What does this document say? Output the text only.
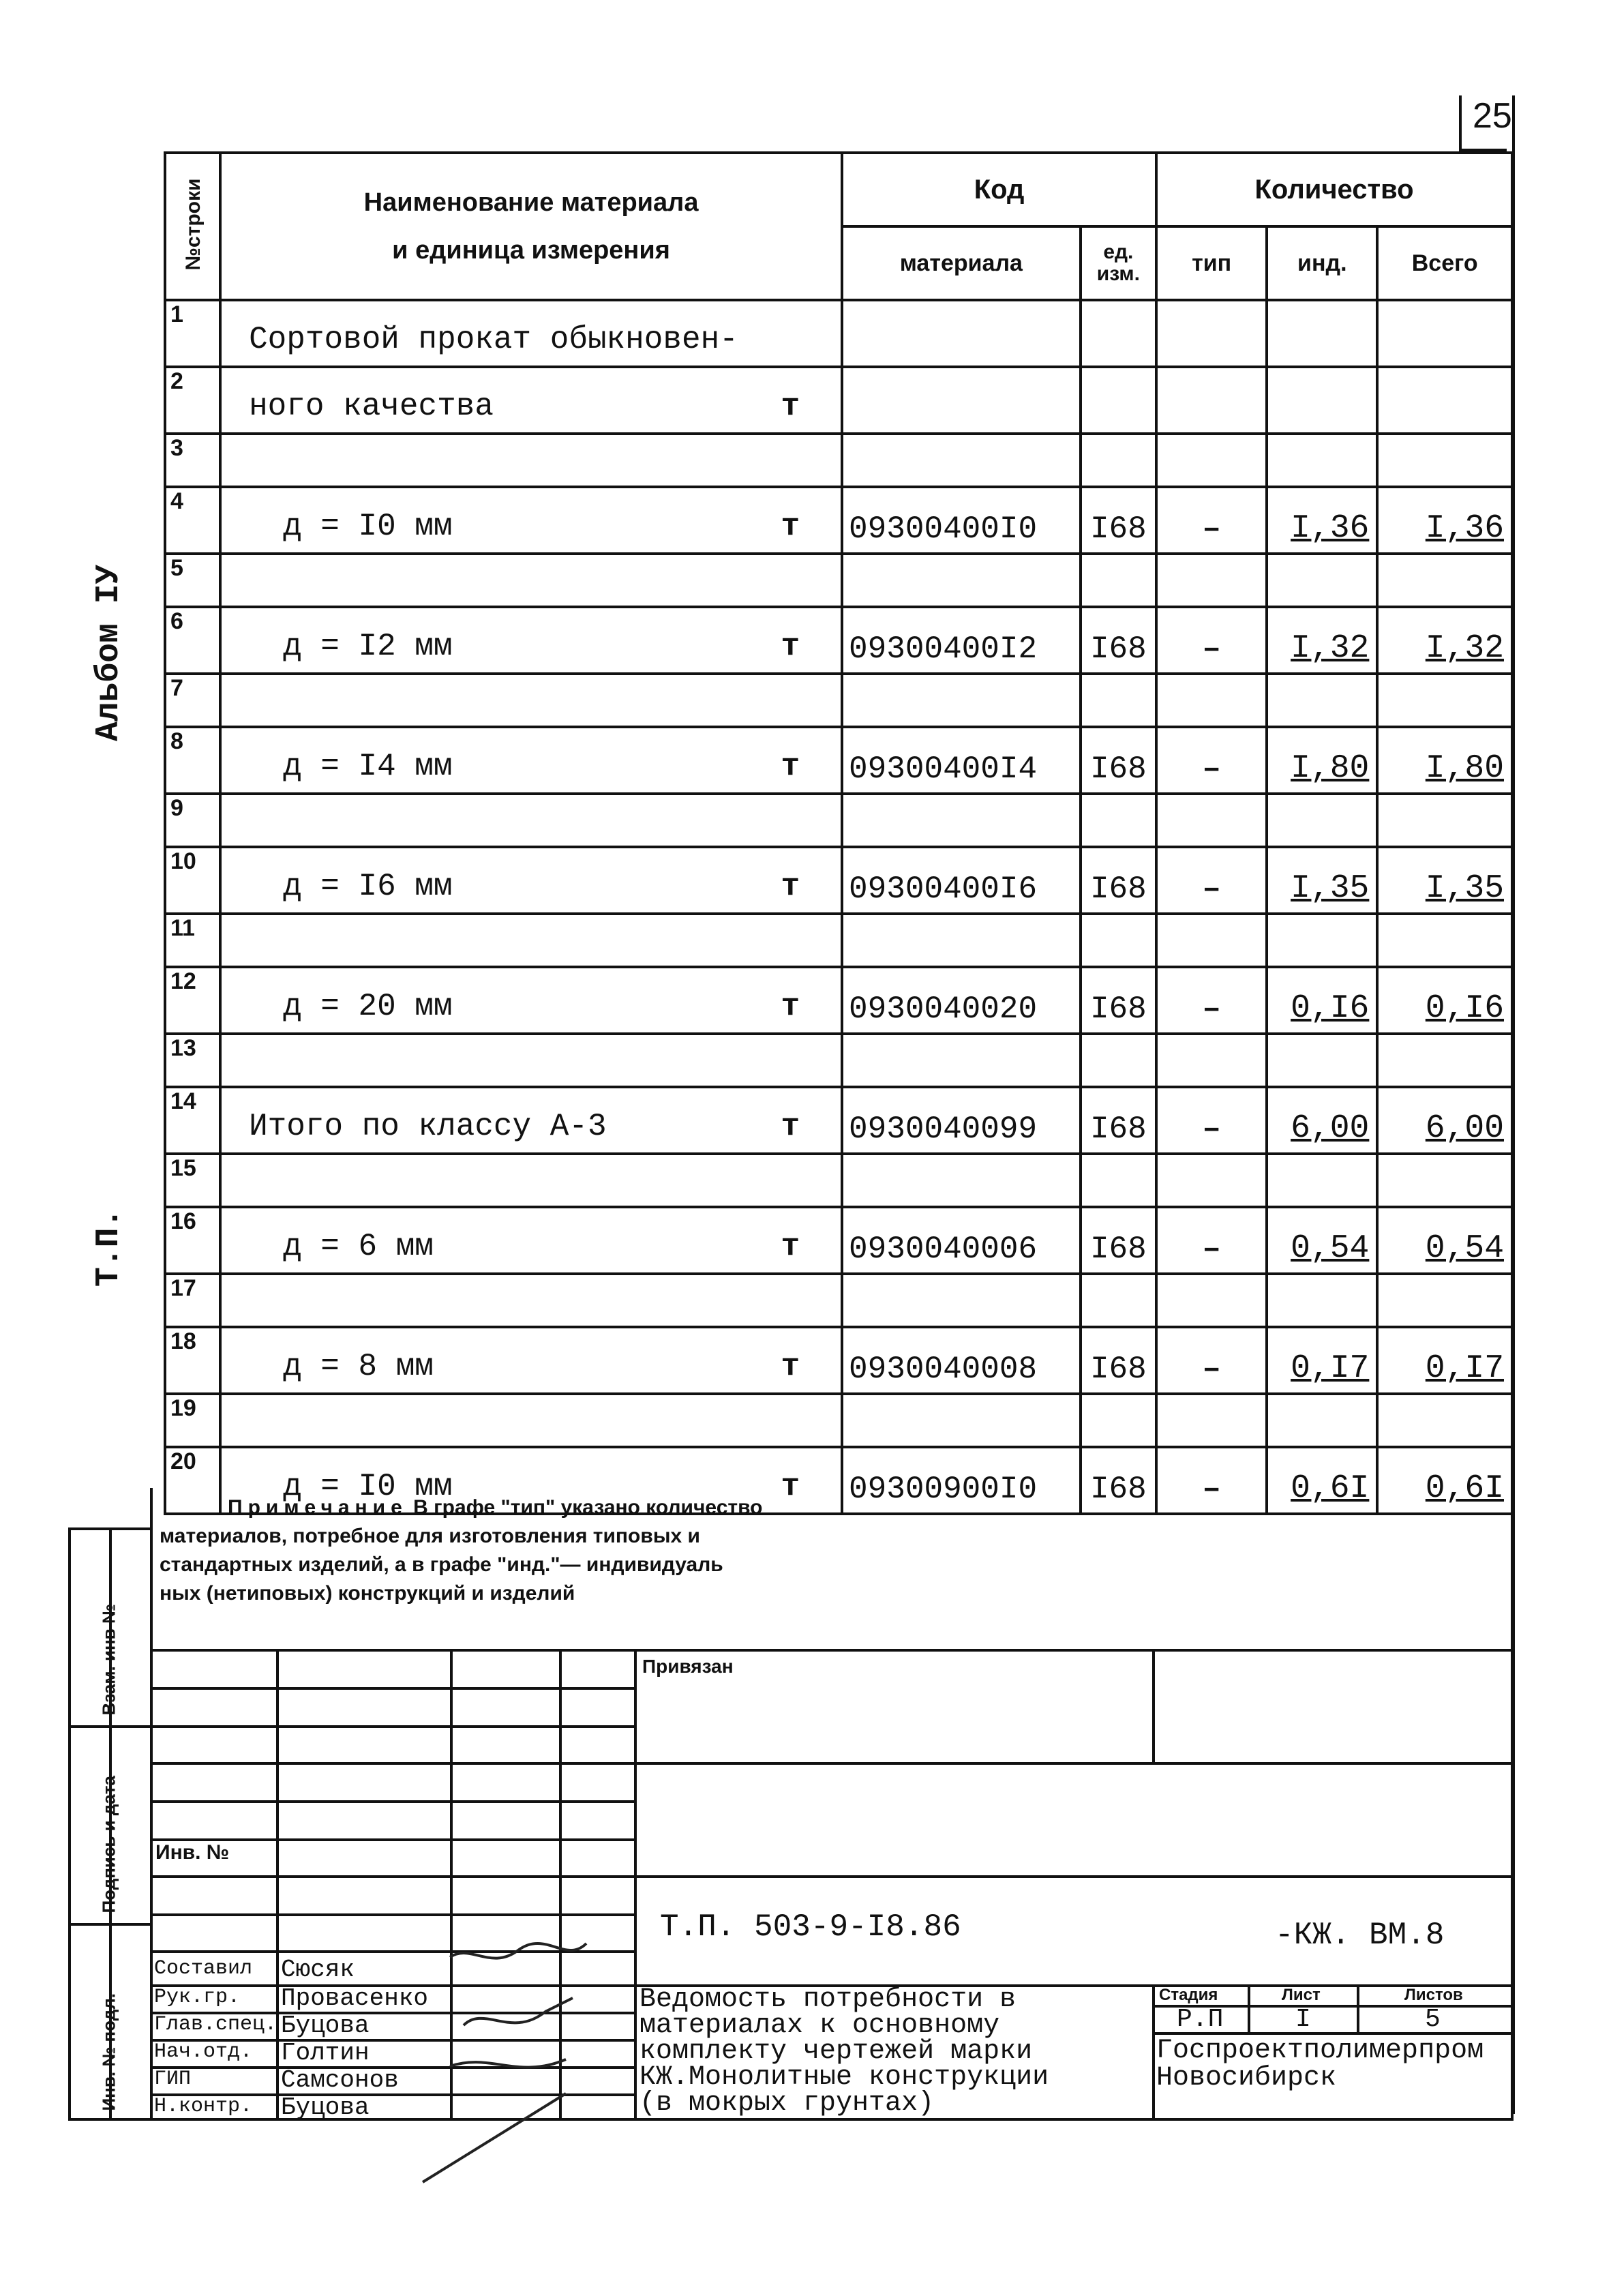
25
Альбом IУ
Т.П.
№строки	Наименование материала
и единица измерения	Код		Количество		
		материала	ед. изм.	тип	инд.	Всего
1	Сортовой прокат обыкновен-					

2	ного качества т					

3	

4	д = I0 мм т	09300400I0	I68	–	I,36	I,36
5	

6	д = I2 мм т	09300400I2	I68	–	I,32	I,32
7	

8	д = I4 мм т	09300400I4	I68	–	I,80	I,80
9	

10	д = I6 мм т	09300400I6	I68	–	I,35	I,35
11	

12	д = 20 мм т	0930040020	I68	–	0,I6	0,I6
13	

14	Итого по классу А-3 т	0930040099	I68	–	6,00	6,00
15	

16	д = 6 мм т	0930040006	I68	–	0,54	0,54
17	

18	д = 8 мм т	0930040008	I68	–	0,I7	0,I7
19	

20	д = I0 мм т	09300900I0	I68	–	0,6I	0,6I
Примечание В графе "тип" указано количество
материалов, потребное для изготовления типовых и
стандартных изделий, а в графе "инд."— индивидуаль
ных (нетиповых) конструкций и изделий
Взам. инв №
Подпись и дата
Инв. № подл.
Привязан
Инв. №
Т.П. 503-9-I8.86	-КЖ. ВМ.8
Составил Сюсяк
Рук.гр. Провасенко
Глав.спец. Буцова
Нач.отд. Голтин
ГИП	Самсонов
Н.контр. Буцова
Ведомость потребности в
материалах к основному
комплекту чертежей марки
КЖ.Монолитные конструкции
(в мокрых грунтах)
Стадия	Лист	Листов
Р.П	I	5
Госпроектполимерпром
Новосибирск
